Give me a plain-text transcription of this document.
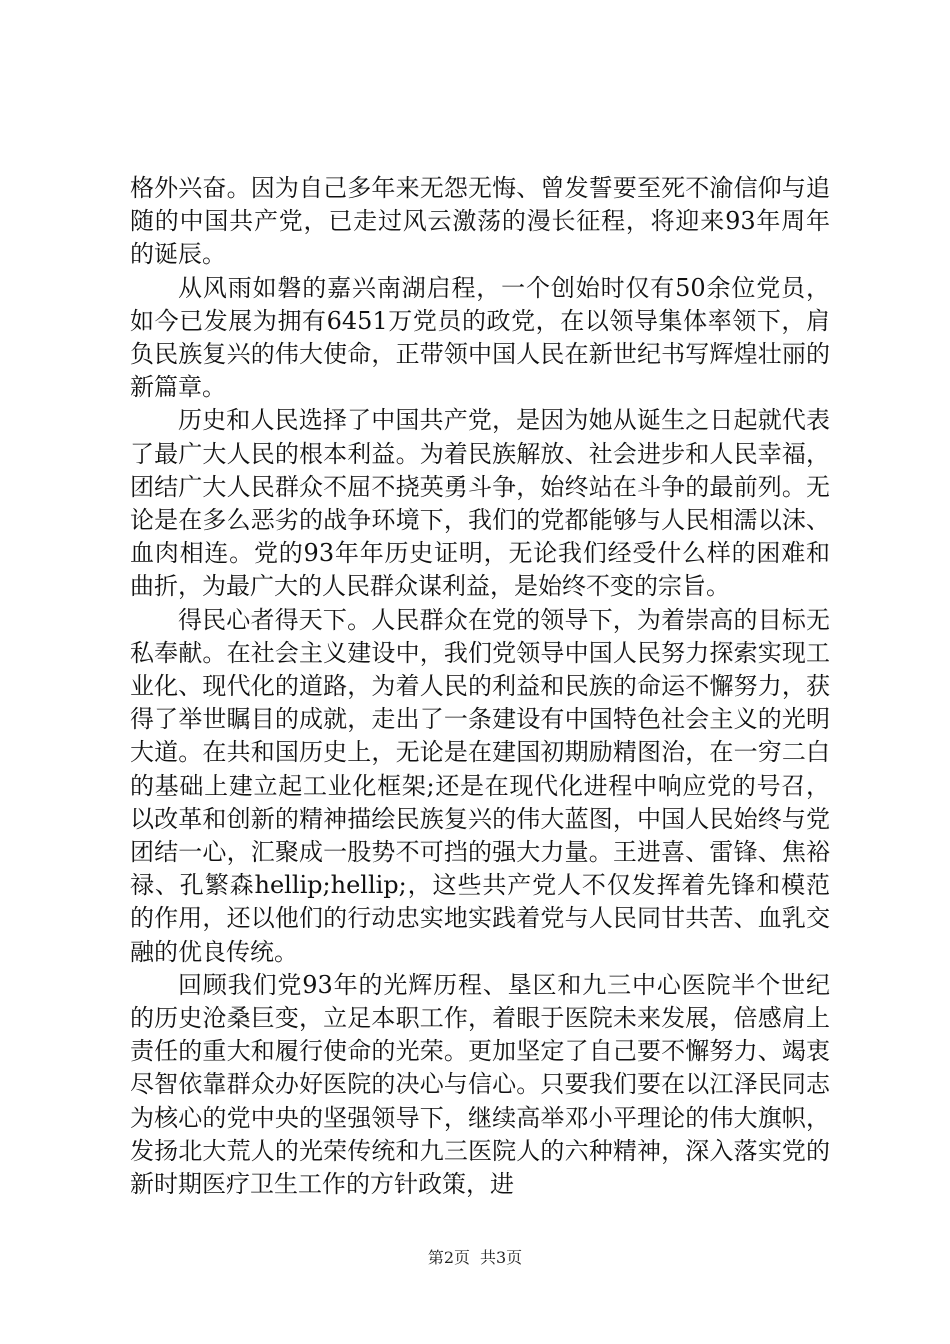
格外兴奋。因为自己多年来无怨无悔、曾发誓要至死不渝信仰与追随的中国共产党，已走过风云激荡的漫长征程，将迎来93年周年的诞辰。

从风雨如磐的嘉兴南湖启程，一个创始时仅有50余位党员，如今已发展为拥有6451万党员的政党，在以领导集体率领下，肩负民族复兴的伟大使命，正带领中国人民在新世纪书写辉煌壮丽的新篇章。

历史和人民选择了中国共产党，是因为她从诞生之日起就代表了最广大人民的根本利益。为着民族解放、社会进步和人民幸福，团结广大人民群众不屈不挠英勇斗争，始终站在斗争的最前列。无论是在多么恶劣的战争环境下，我们的党都能够与人民相濡以沫、血肉相连。党的93年年历史证明，无论我们经受什么样的困难和曲折，为最广大的人民群众谋利益，是始终不变的宗旨。

得民心者得天下。人民群众在党的领导下，为着崇高的目标无私奉献。在社会主义建设中，我们党领导中国人民努力探索实现工业化、现代化的道路，为着人民的利益和民族的命运不懈努力，获得了举世瞩目的成就，走出了一条建设有中国特色社会主义的光明大道。在共和国历史上，无论是在建国初期励精图治，在一穷二白的基础上建立起工业化框架;还是在现代化进程中响应党的号召，以改革和创新的精神描绘民族复兴的伟大蓝图，中国人民始终与党团结一心，汇聚成一股势不可挡的强大力量。王进喜、雷锋、焦裕禄、孔繁森hellip;hellip;，这些共产党人不仅发挥着先锋和模范的作用，还以他们的行动忠实地实践着党与人民同甘共苦、血乳交融的优良传统。

回顾我们党93年的光辉历程、垦区和九三中心医院半个世纪的历史沧桑巨变，立足本职工作，着眼于医院未来发展，倍感肩上责任的重大和履行使命的光荣。更加坚定了自己要不懈努力、竭衷尽智依靠群众办好医院的决心与信心。只要我们要在以江泽民同志为核心的党中央的坚强领导下，继续高举邓小平理论的伟大旗帜，发扬北大荒人的光荣传统和九三医院人的六种精神，深入落实党的新时期医疗卫生工作的方针政策，进

第2页 共3页
